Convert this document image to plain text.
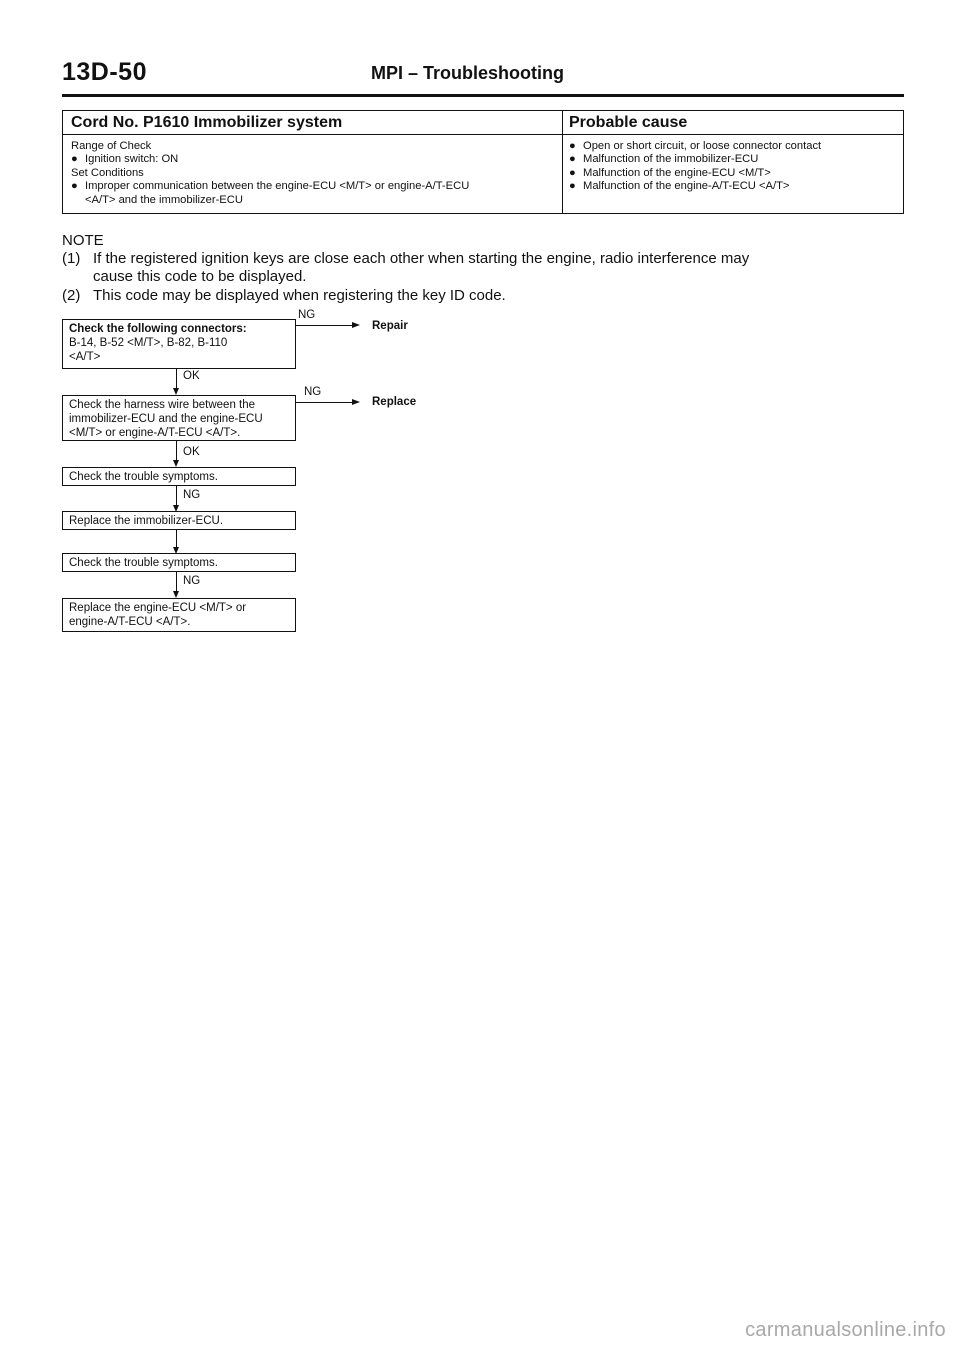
13D-50	MPI – Troubleshooting
Cord No. P1610 Immobilizer system	Probable cause
Range of Check
● Ignition switch: ON
Set Conditions
● Improper communication between the engine-ECU <M/T> or engine-A/T-ECU
<A/T> and the immobilizer-ECU
● Open or short circuit, or loose connector contact
● Malfunction of the immobilizer-ECU
● Malfunction of the engine-ECU <M/T>
● Malfunction of the engine-A/T-ECU <A/T>
NOTE
(1) If the registered ignition keys are close each other when starting the engine, radio interference may
cause this code to be displayed.
(2) This code may be displayed when registering the key ID code.
Check the following connectors:
B-14, B-52 <M/T>, B-82, B-110
<A/T>
NG
Repair
OK
Check the harness wire between the
immobilizer-ECU and the engine-ECU
<M/T> or engine-A/T-ECU <A/T>.
NG
Replace
OK
Check the trouble symptoms.
NG
Replace the immobilizer-ECU.
Check the trouble symptoms.
NG
Replace the engine-ECU <M/T> or
engine-A/T-ECU <A/T>.
carmanualsonline.info
